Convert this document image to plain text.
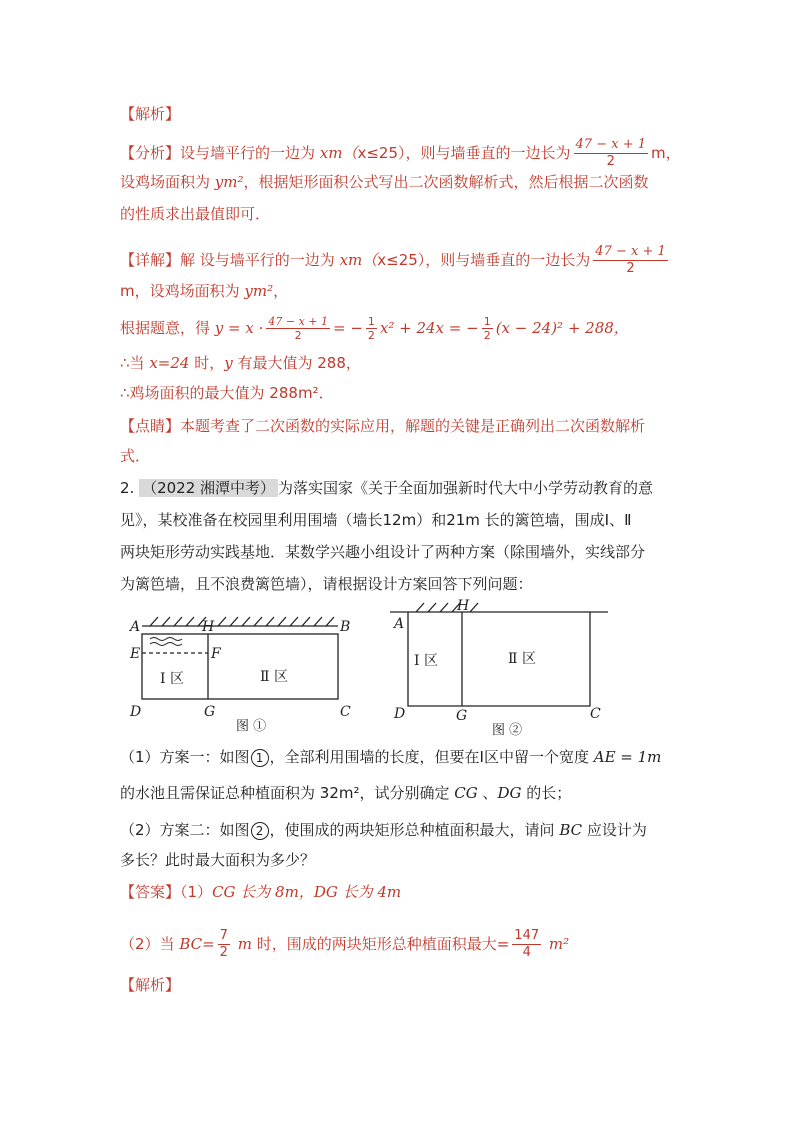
【解析】
【分析】设与墙平行的一边为 xm（x≤25），则与墙垂直的一边长为 $\frac{47 - x + 1}{2}$ m，
设鸡场面积为 ym²，根据矩形面积公式写出二次函数解析式，然后根据二次函数
的性质求出最值即可．
【详解】解 设与墙平行的一边为 xm（x≤25），则与墙垂直的一边长为 $\frac{47 - x + 1}{2}$
m，设鸡场面积为 ym²，
根据题意，得 $y = x \cdot \frac{47 - x + 1}{2}$ = − $\frac{1}{2} x^2 + 24x$ = − $\frac{1}{2} (x - 24)^2 + 288$，
∴当 x=24 时，y 有最大值为 288，
∴鸡场面积的最大值为 288m²．
【点睛】本题考查了二次函数的实际应用，解题的关键是正确列出二次函数解析
式．
2. （2022 湘潭中考） 为落实国家《关于全面加强新时代大中小学劳动教育的意
见》，某校准备在校园里利用围墙（墙长12m）和21m 长的篱笆墙，围成Ⅰ、Ⅱ
两块矩形劳动实践基地．某数学兴趣小组设计了两种方案（除围墙外，实线部分
为篱笆墙，且不浪费篱笆墙），请根据设计方案回答下列问题：
A	H	B
E	F
D	G	C
Ⅰ 区	Ⅱ 区
图 ①
A
H
D	G	C
Ⅰ 区	Ⅱ 区
图 ②
（1）方案一：如图 1 ，全部利用围墙的长度，但要在Ⅰ区中留一个宽度 AE = 1m
的水池且需保证总种植面积为 32m²，试分别确定 CG 、DG 的长；
（2）方案二：如图 2 ，使围成的两块矩形总种植面积最大，请问 BC 应设计为
多长？此时最大面积为多少？
【答案】（1）CG 长为 8m，DG 长为 4m
（2）当 $BC= \frac{7}{2}$ m 时，围成的两块矩形总种植面积最大= $\frac{147}{4} m^2$
【解析】
